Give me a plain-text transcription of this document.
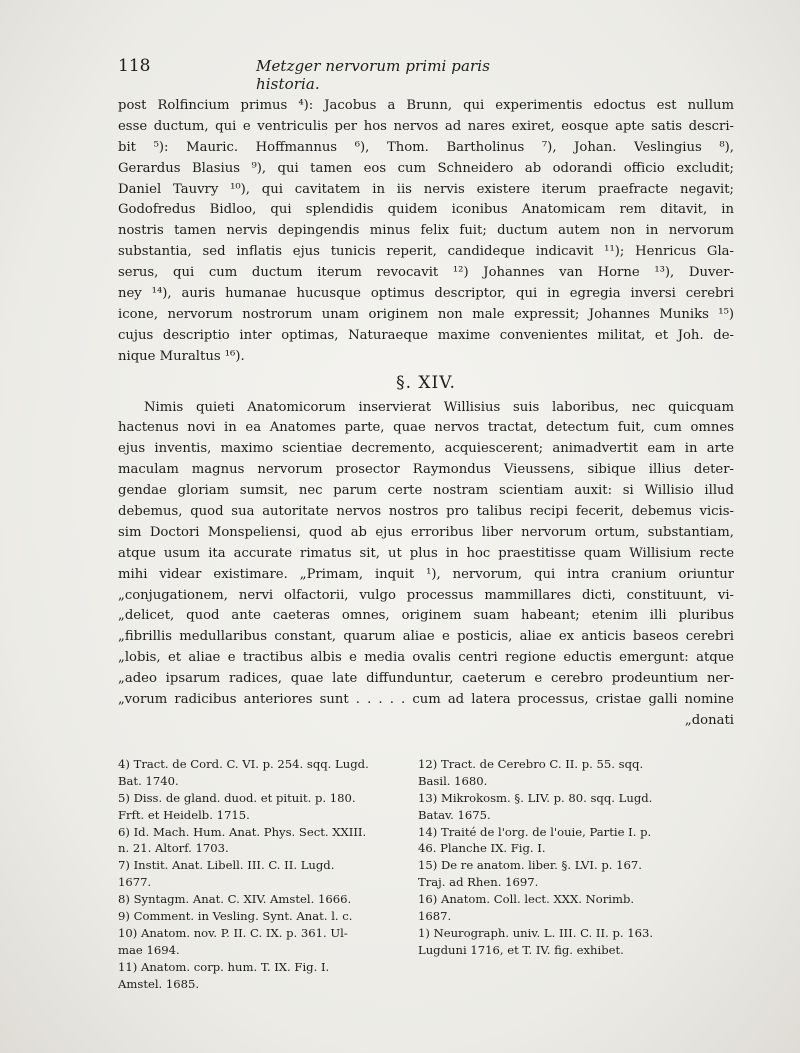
118	Metzger nervorum primi paris historia.
post Rolfincium primus ⁴): Jacobus a Brunn, qui experimentis edoctus est nullum
esse ductum, qui e ventriculis per hos nervos ad nares exiret, eosque apte satis descri-
bit ⁵): Mauric. Hoffmannus ⁶), Thom. Bartholinus ⁷), Johan. Veslingius ⁸),
Gerardus Blasius ⁹), qui tamen eos cum Schneidero ab odorandi officio excludit;
Daniel Tauvry ¹⁰), qui cavitatem in iis nervis existere iterum praefracte negavit;
Godofredus Bidloo, qui splendidis quidem iconibus Anatomicam rem ditavit, in
nostris tamen nervis depingendis minus felix fuit; ductum autem non in nervorum
substantia, sed inflatis ejus tunicis reperit, candideque indicavit ¹¹); Henricus Gla-
serus, qui cum ductum iterum revocavit ¹²) Johannes van Horne ¹³), Duver-
ney ¹⁴), auris humanae hucusque optimus descriptor, qui in egregia inversi cerebri
icone, nervorum nostrorum unam originem non male expressit; Johannes Muniks ¹⁵)
cujus descriptio inter optimas, Naturaeque maxime convenientes militat, et Joh. de-
nique Muraltus ¹⁶).
§. XIV.
Nimis quieti Anatomicorum inservierat Willisius suis laboribus, nec quicquam
hactenus novi in ea Anatomes parte, quae nervos tractat, detectum fuit, cum omnes
ejus inventis, maximo scientiae decremento, acquiescerent; animadvertit eam in arte
maculam magnus nervorum prosector Raymondus Vieussens, sibique illius deter-
gendae gloriam sumsit, nec parum certe nostram scientiam auxit: si Willisio illud
debemus, quod sua autoritate nervos nostros pro talibus recipi fecerit, debemus vicis-
sim Doctori Monspeliensi, quod ab ejus erroribus liber nervorum ortum, substantiam,
atque usum ita accurate rimatus sit, ut plus in hoc praestitisse quam Willisium recte
mihi videar existimare. „Primam, inquit ¹), nervorum, qui intra cranium oriuntur
„conjugationem, nervi olfactorii, vulgo processus mammillares dicti, constituunt, vi-
„delicet, quod ante caeteras omnes, originem suam habeant; etenim illi pluribus
„fibrillis medullaribus constant, quarum aliae e posticis, aliae ex anticis baseos cerebri
„lobis, et aliae e tractibus albis e media ovalis centri regione eductis emergunt: atque
„adeo ipsarum radices, quae late diffunduntur, caeterum e cerebro prodeuntium ner-
„vorum radicibus anteriores sunt . . . . . cum ad latera processus, cristae galli nomine
„donati
4) Tract. de Cord. C. VI. p. 254. sqq. Lugd.
Bat. 1740.
5) Diss. de gland. duod. et pituit. p. 180.
Frft. et Heidelb. 1715.
6) Id. Mach. Hum. Anat. Phys. Sect. XXIII.
n. 21. Altorf. 1703.
7) Instit. Anat. Libell. III. C. II. Lugd.
1677.
8) Syntagm. Anat. C. XIV. Amstel. 1666.
9) Comment. in Vesling. Synt. Anat. l. c.
10) Anatom. nov. P. II. C. IX. p. 361. Ul-
mae 1694.
11) Anatom. corp. hum. T. IX. Fig. I.
Amstel. 1685.
12) Tract. de Cerebro C. II. p. 55. sqq.
Basil. 1680.
13) Mikrokosm. §. LIV. p. 80. sqq. Lugd.
Batav. 1675.
14) Traité de l'org. de l'ouie, Partie I. p.
46. Planche IX. Fig. I.
15) De re anatom. liber. §. LVI. p. 167.
Traj. ad Rhen. 1697.
16) Anatom. Coll. lect. XXX. Norimb.
1687.
1) Neurograph. univ. L. III. C. II. p. 163.
Lugduni 1716, et T. IV. fig. exhibet.
